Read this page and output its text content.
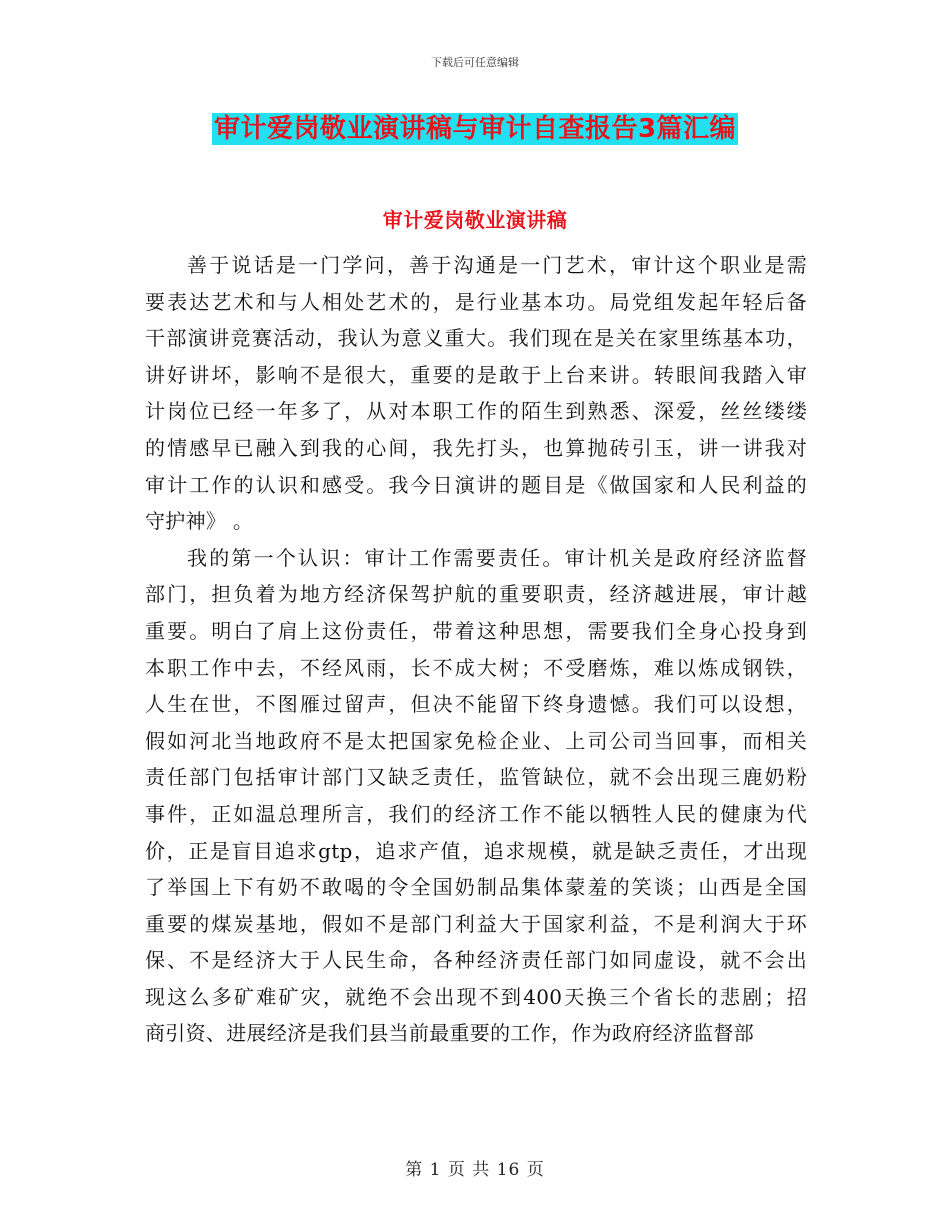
下载后可任意编辑
审计爱岗敬业演讲稿与审计自查报告3篇汇编
审计爱岗敬业演讲稿
善于说话是一门学问，善于沟通是一门艺术，审计这个职业是需
要表达艺术和与人相处艺术的，是行业基本功。局党组发起年轻后备
干部演讲竞赛活动，我认为意义重大。我们现在是关在家里练基本功，
讲好讲坏，影响不是很大，重要的是敢于上台来讲。转眼间我踏入审
计岗位已经一年多了，从对本职工作的陌生到熟悉、深爱，丝丝缕缕
的情感早已融入到我的心间，我先打头，也算抛砖引玉，讲一讲我对
审计工作的认识和感受。我今日演讲的题目是《做国家和人民利益的
守护神》 。
我的第一个认识：审计工作需要责任。审计机关是政府经济监督
部门，担负着为地方经济保驾护航的重要职责，经济越进展，审计越
重要。明白了肩上这份责任，带着这种思想，需要我们全身心投身到
本职工作中去，不经风雨，长不成大树；不受磨炼，难以炼成钢铁，
人生在世，不图雁过留声，但决不能留下终身遗憾。我们可以设想，
假如河北当地政府不是太把国家免检企业、上司公司当回事，而相关
责任部门包括审计部门又缺乏责任，监管缺位，就不会出现三鹿奶粉
事件，正如温总理所言，我们的经济工作不能以牺牲人民的健康为代
价，正是盲目追求gtp，追求产值，追求规模，就是缺乏责任，才出现
了举国上下有奶不敢喝的令全国奶制品集体蒙羞的笑谈；山西是全国
重要的煤炭基地，假如不是部门利益大于国家利益，不是利润大于环
保、不是经济大于人民生命，各种经济责任部门如同虚设，就不会出
现这么多矿难矿灾，就绝不会出现不到400天换三个省长的悲剧；招
商引资、进展经济是我们县当前最重要的工作，作为政府经济监督部
第 1 页 共 16 页
